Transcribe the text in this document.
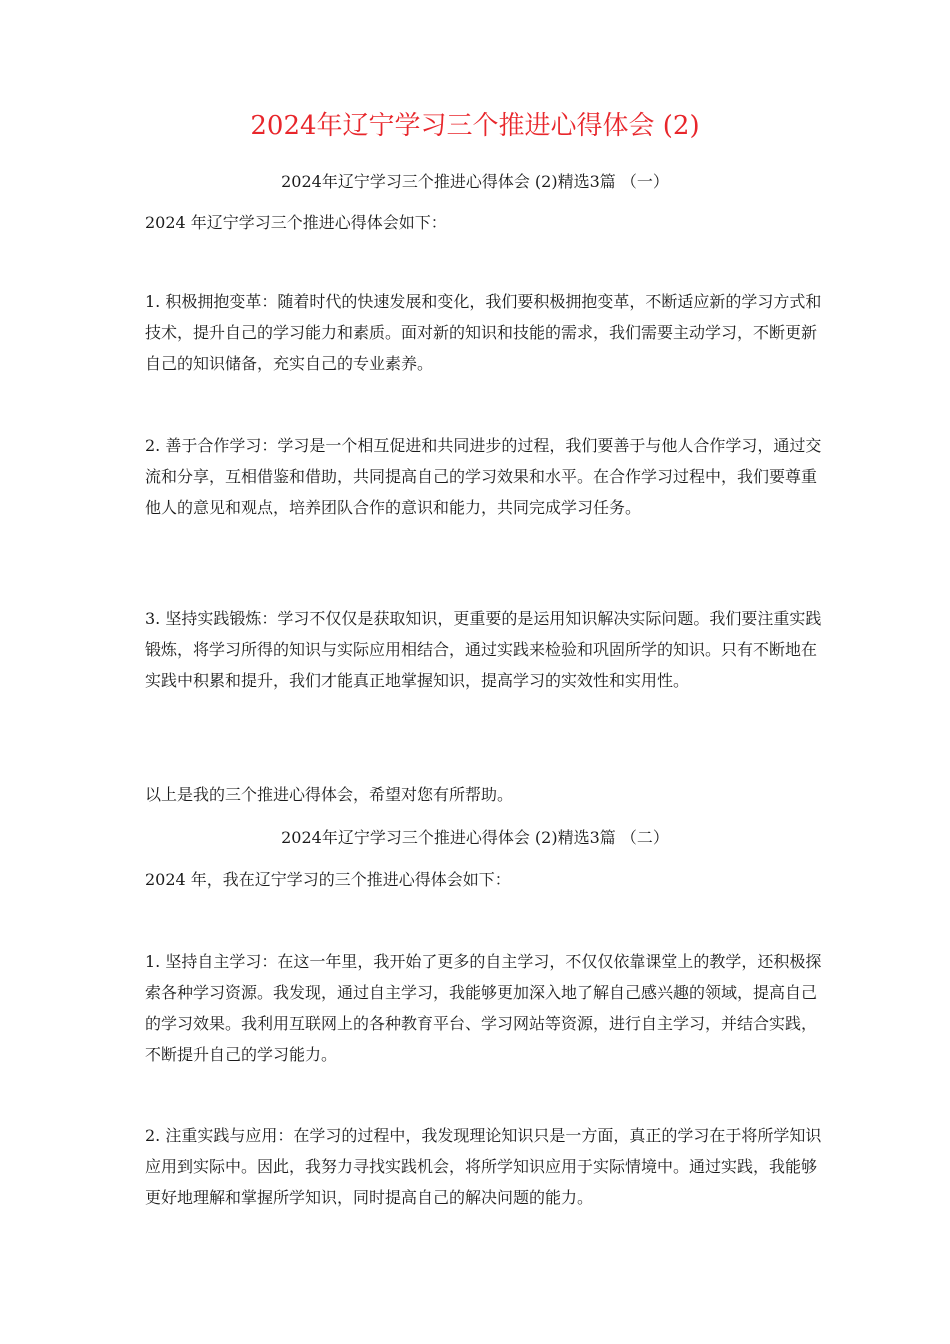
2024年辽宁学习三个推进心得体会 (2)
2024年辽宁学习三个推进心得体会 (2)精选3篇 （一）

2024 年辽宁学习三个推进心得体会如下：

1. 积极拥抱变革：随着时代的快速发展和变化，我们要积极拥抱变革，不断适应新的学习方式和技术，提升自己的学习能力和素质。面对新的知识和技能的需求，我们需要主动学习，不断更新自己的知识储备，充实自己的专业素养。

2. 善于合作学习：学习是一个相互促进和共同进步的过程，我们要善于与他人合作学习，通过交流和分享，互相借鉴和借助，共同提高自己的学习效果和水平。在合作学习过程中，我们要尊重他人的意见和观点，培养团队合作的意识和能力，共同完成学习任务。

3. 坚持实践锻炼：学习不仅仅是获取知识，更重要的是运用知识解决实际问题。我们要注重实践锻炼，将学习所得的知识与实际应用相结合，通过实践来检验和巩固所学的知识。只有不断地在实践中积累和提升，我们才能真正地掌握知识，提高学习的实效性和实用性。

以上是我的三个推进心得体会，希望对您有所帮助。

2024年辽宁学习三个推进心得体会 (2)精选3篇 （二）

2024 年，我在辽宁学习的三个推进心得体会如下：

1. 坚持自主学习：在这一年里，我开始了更多的自主学习，不仅仅依靠课堂上的教学，还积极探索各种学习资源。我发现，通过自主学习，我能够更加深入地了解自己感兴趣的领域，提高自己的学习效果。我利用互联网上的各种教育平台、学习网站等资源，进行自主学习，并结合实践，不断提升自己的学习能力。

2. 注重实践与应用：在学习的过程中，我发现理论知识只是一方面，真正的学习在于将所学知识应用到实际中。因此，我努力寻找实践机会，将所学知识应用于实际情境中。通过实践，我能够更好地理解和掌握所学知识，同时提高自己的解决问题的能力。
